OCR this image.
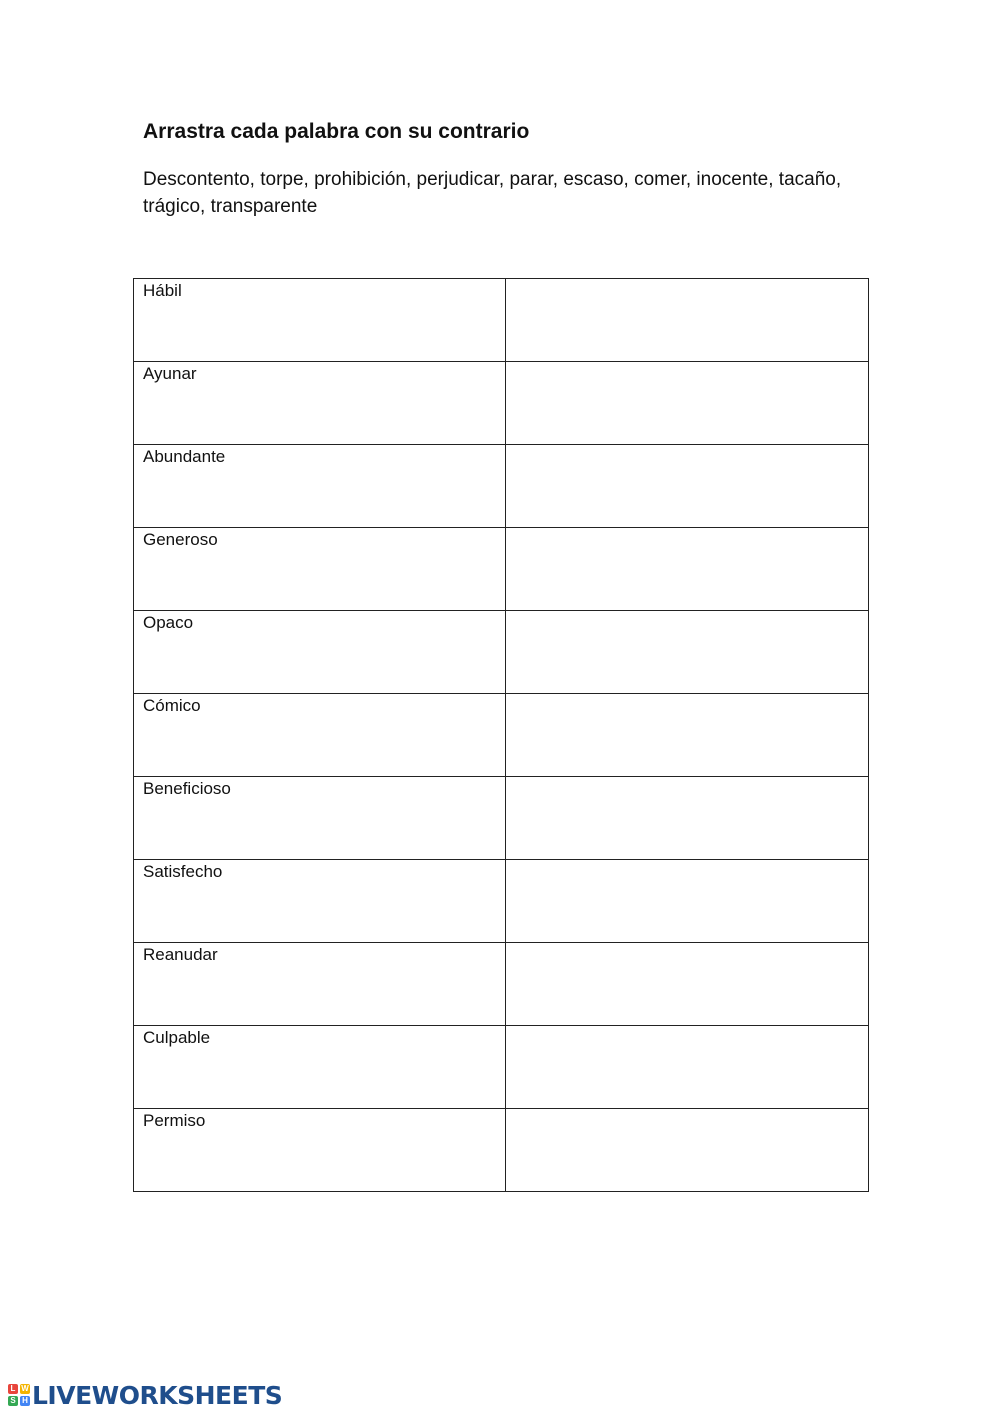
Arrastra cada palabra con su contrario

Descontento, torpe, prohibición, perjudicar, parar, escaso, comer, inocente, tacaño, trágico, transparente

Hábil	

Ayunar	

Abundante	

Generoso	

Opaco	

Cómico	

Beneficioso	

Satisfecho	

Reanudar	

Culpable	

Permiso	

L W
S H LIVEWORKSHEETS
